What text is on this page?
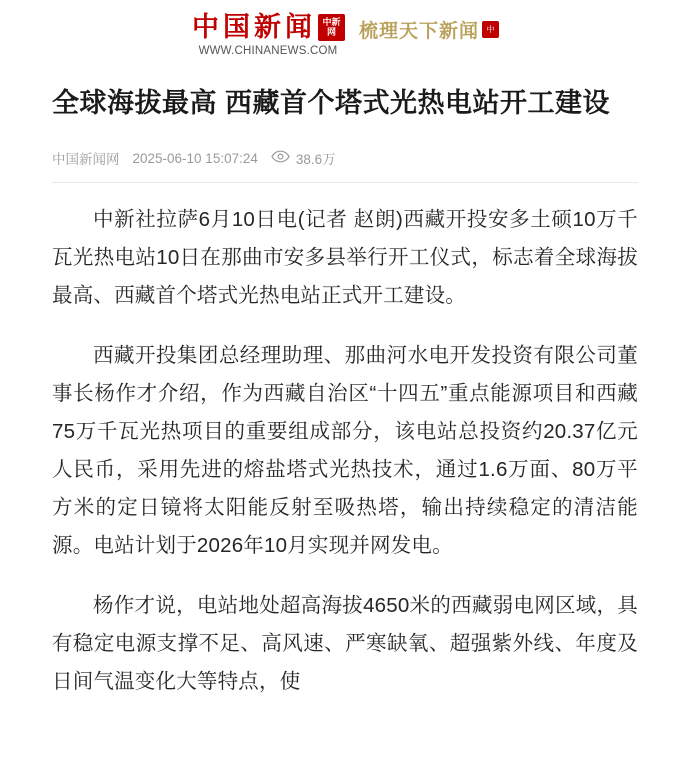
中 国 新 闻 中新
网
WWW.CHINANEWS.COM
梳理天下新闻 中
全球海拔最高 西藏首个塔式光热电站开工建设
中国新闻网 2025-06-10 15:07:24	38.6万

中新社拉萨6月10日电(记者 赵朗)西藏开投安多土硕10万千瓦光热电站10日在那曲市安多县举行开工仪式，标志着全球海拔最高、西藏首个塔式光热电站正式开工建设。

西藏开投集团总经理助理、那曲河水电开发投资有限公司董事长杨作才介绍，作为西藏自治区“十四五”重点能源项目和西藏75万千瓦光热项目的重要组成部分，该电站总投资约20.37亿元人民币，采用先进的熔盐塔式光热技术，通过1.6万面、80万平方米的定日镜将太阳能反射至吸热塔，输出持续稳定的清洁能源。电站计划于2026年10月实现并网发电。

杨作才说，电站地处超高海拔4650米的西藏弱电网区域，具有稳定电源支撑不足、高风速、严寒缺氧、超强紫外线、年度及日间气温变化大等特点，使
